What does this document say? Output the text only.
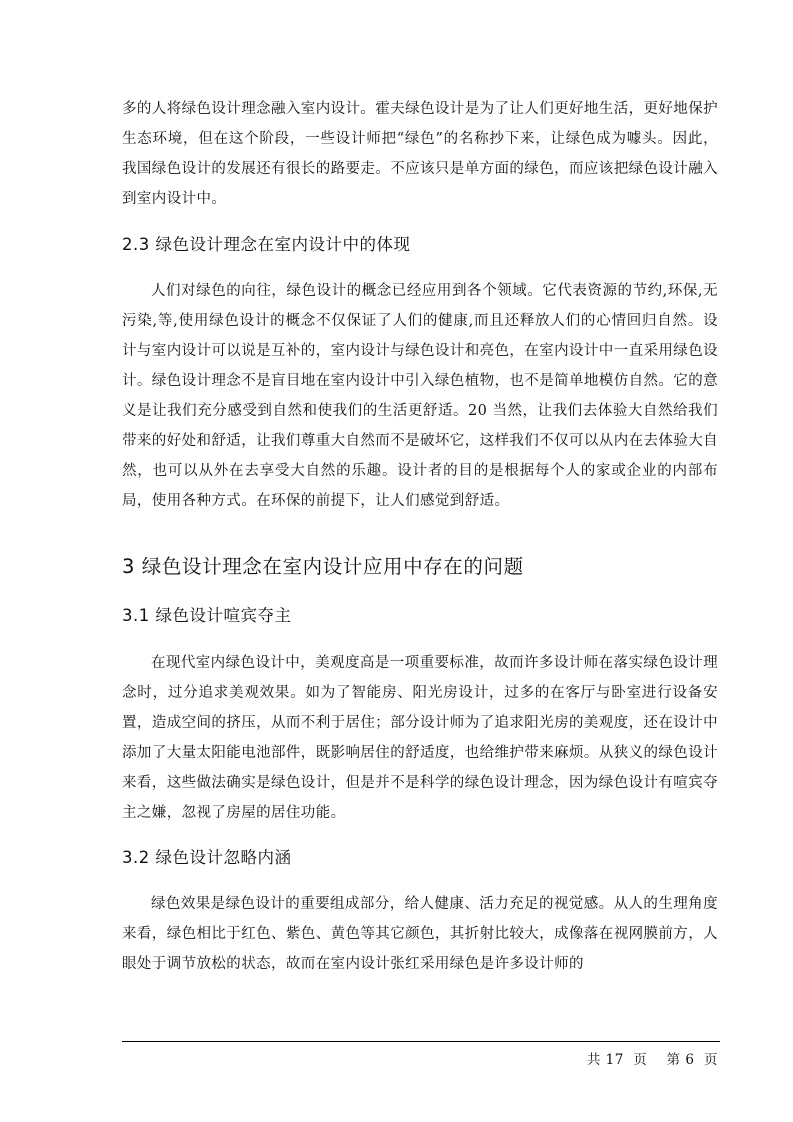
多的人将绿色设计理念融入室内设计。霍夫绿色设计是为了让人们更好地生活，更好地保护生态环境，但在这个阶段，一些设计师把“绿色”的名称抄下来，让绿色成为噱头。因此，我国绿色设计的发展还有很长的路要走。不应该只是单方面的绿色，而应该把绿色设计融入到室内设计中。

2.3 绿色设计理念在室内设计中的体现

人们对绿色的向往，绿色设计的概念已经应用到各个领域。它代表资源的节约,环保,无污染,等,使用绿色设计的概念不仅保证了人们的健康,而且还释放人们的心情回归自然。设计与室内设计可以说是互补的，室内设计与绿色设计和亮色，在室内设计中一直采用绿色设计。绿色设计理念不是盲目地在室内设计中引入绿色植物，也不是简单地模仿自然。它的意义是让我们充分感受到自然和使我们的生活更舒适。20 当然，让我们去体验大自然给我们带来的好处和舒适，让我们尊重大自然而不是破坏它，这样我们不仅可以从内在去体验大自然，也可以从外在去享受大自然的乐趣。设计者的目的是根据每个人的家或企业的内部布局，使用各种方式。在环保的前提下，让人们感觉到舒适。

3 绿色设计理念在室内设计应用中存在的问题
3.1 绿色设计喧宾夺主

在现代室内绿色设计中，美观度高是一项重要标准，故而许多设计师在落实绿色设计理念时，过分追求美观效果。如为了智能房、阳光房设计，过多的在客厅与卧室进行设备安置，造成空间的挤压，从而不利于居住；部分设计师为了追求阳光房的美观度，还在设计中添加了大量太阳能电池部件，既影响居住的舒适度，也给维护带来麻烦。从狭义的绿色设计来看，这些做法确实是绿色设计，但是并不是科学的绿色设计理念，因为绿色设计有喧宾夺主之嫌，忽视了房屋的居住功能。

3.2 绿色设计忽略内涵

绿色效果是绿色设计的重要组成部分，给人健康、活力充足的视觉感。从人的生理角度来看，绿色相比于红色、紫色、黄色等其它颜色，其折射比较大，成像落在视网膜前方，人眼处于调节放松的状态，故而在室内设计张红采用绿色是许多设计师的

共 17  页    第 6  页
